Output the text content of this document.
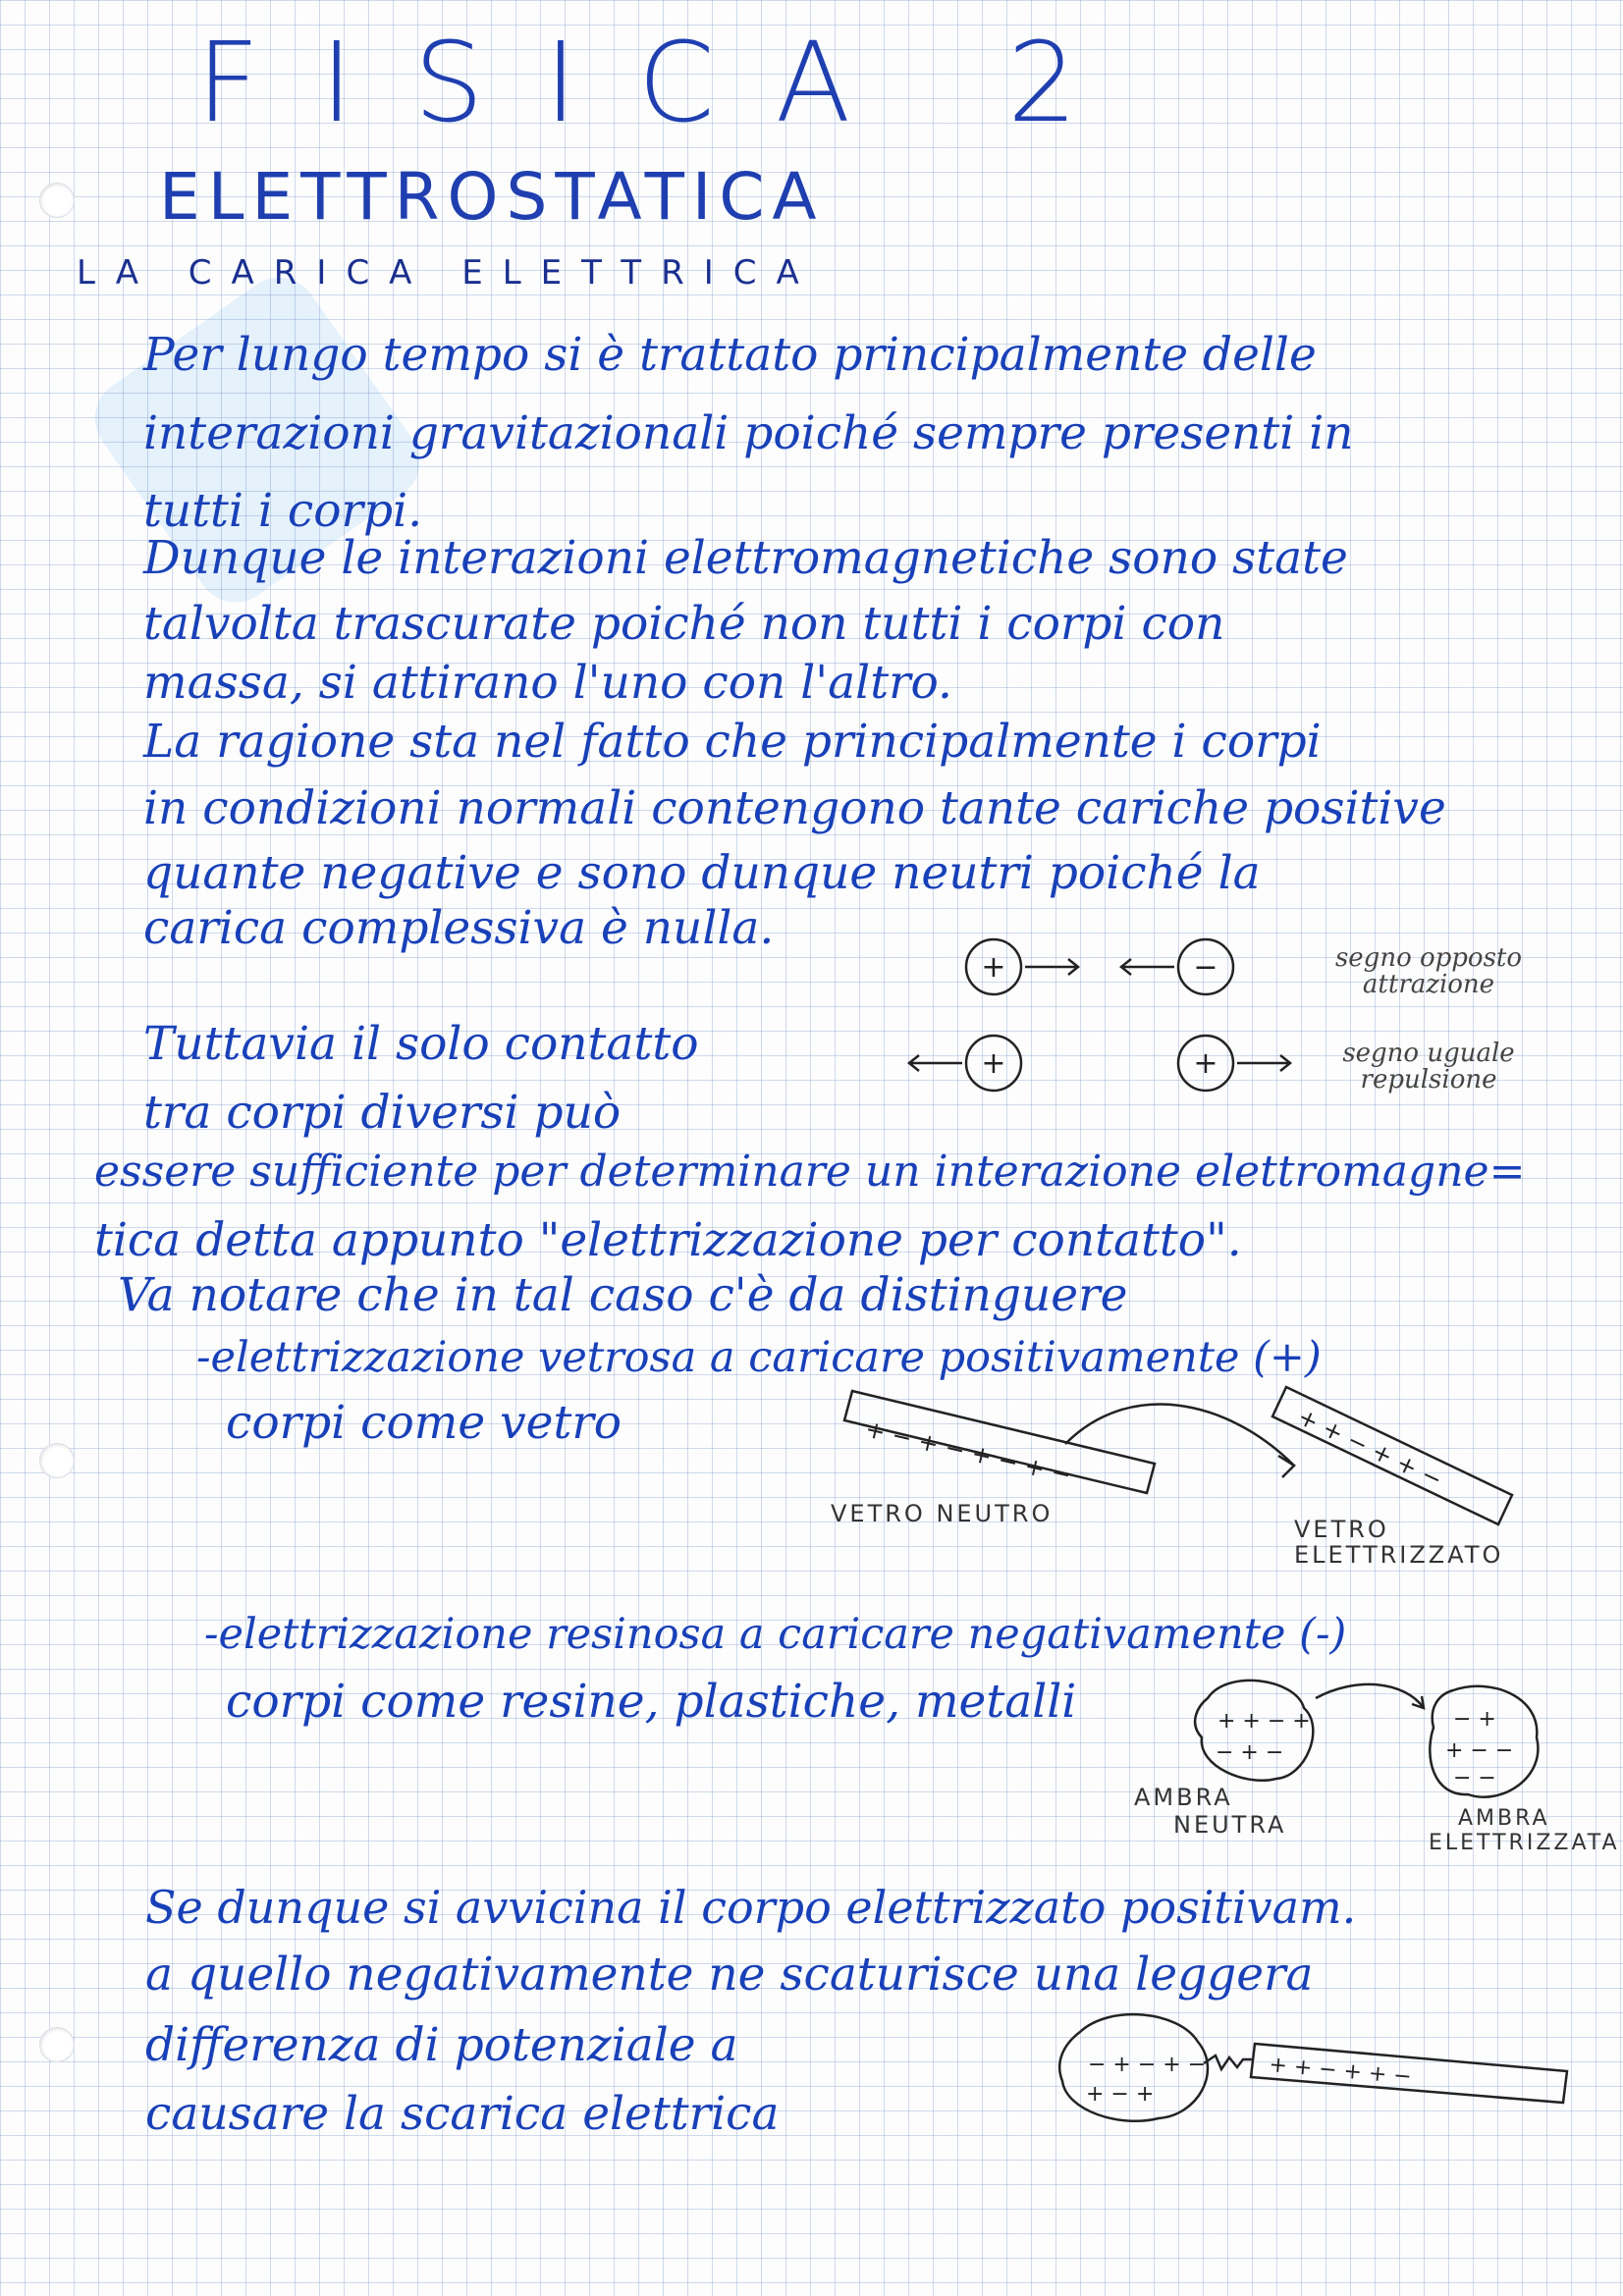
FISICA 2
ELETTROSTATICA
LA CARICA ELETTRICA
Per lungo tempo si è trattato principalmente delle
interazioni gravitazionali poiché sempre presenti in
tutti i corpi.
Dunque le interazioni elettromagnetiche sono state
talvolta trascurate poiché non tutti i corpi con
massa, si attirano l'uno con l'altro.
La ragione sta nel fatto che principalmente i corpi
in condizioni normali contengono tante cariche positive
quante negative e sono dunque neutri poiché la
carica complessiva è nulla.
+	−
+	+
segno opposto
attrazione
segno uguale
repulsione
Tuttavia il solo contatto
tra corpi diversi può
essere sufficiente per determinare un interazione elettromagne=
tica detta appunto "elettrizzazione per contatto".
Va notare che in tal caso c'è da distinguere
-elettrizzazione vetrosa a caricare positivamente (+)
corpi come vetro	+ − + − + − + −	+ + − + + −
VETRO NEUTRO
VETRO
ELETTRIZZATO
-elettrizzazione resinosa a caricare negativamente (-)
corpi come resine, plastiche, metalli	+ + − +
− + −
− +
+ − −
− −
AMBRA
NEUTRA	AMBRA
ELETTRIZZATA
Se dunque si avvicina il corpo elettrizzato positivam.
a quello negativamente ne scaturisce una leggera
differenza di potenziale a
causare la scarica elettrica
− + − + −
+ − +
+ + − + + −
